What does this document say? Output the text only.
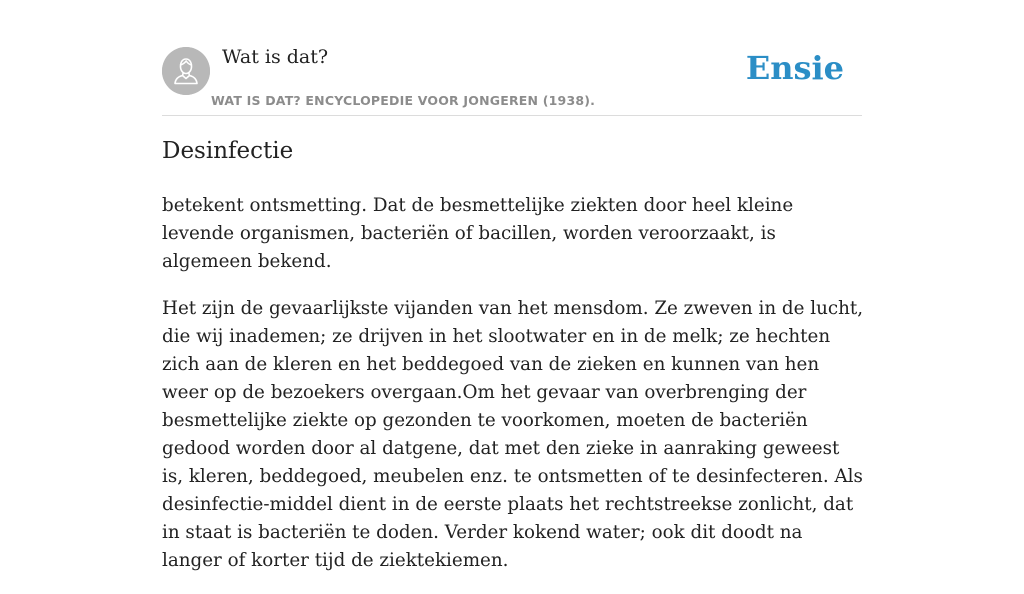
Wat is dat?
WAT IS DAT? ENCYCLOPEDIE VOOR JONGEREN (1938).
Ensie
Desinfectie

betekent ontsmetting. Dat de besmettelijke ziekten door heel kleine levende organismen, bacteriën of bacillen, worden veroorzaakt, is algemeen bekend.

Het zijn de gevaarlijkste vijanden van het mensdom. Ze zweven in de lucht, die wij inademen; ze drijven in het slootwater en in de melk; ze hechten zich aan de kleren en het beddegoed van de zieken en kunnen van hen weer op de bezoekers overgaan.Om het gevaar van overbrenging der besmettelijke ziekte op gezonden te voorkomen, moeten de bacteriën gedood worden door al datgene, dat met den zieke in aanraking geweest is, kleren, beddegoed, meubelen enz. te ontsmetten of te desinfecteren. Als desinfectie-middel dient in de eerste plaats het rechtstreekse zonlicht, dat in staat is bacteriën te doden. Verder kokend water; ook dit doodt na langer of korter tijd de ziektekiemen.
